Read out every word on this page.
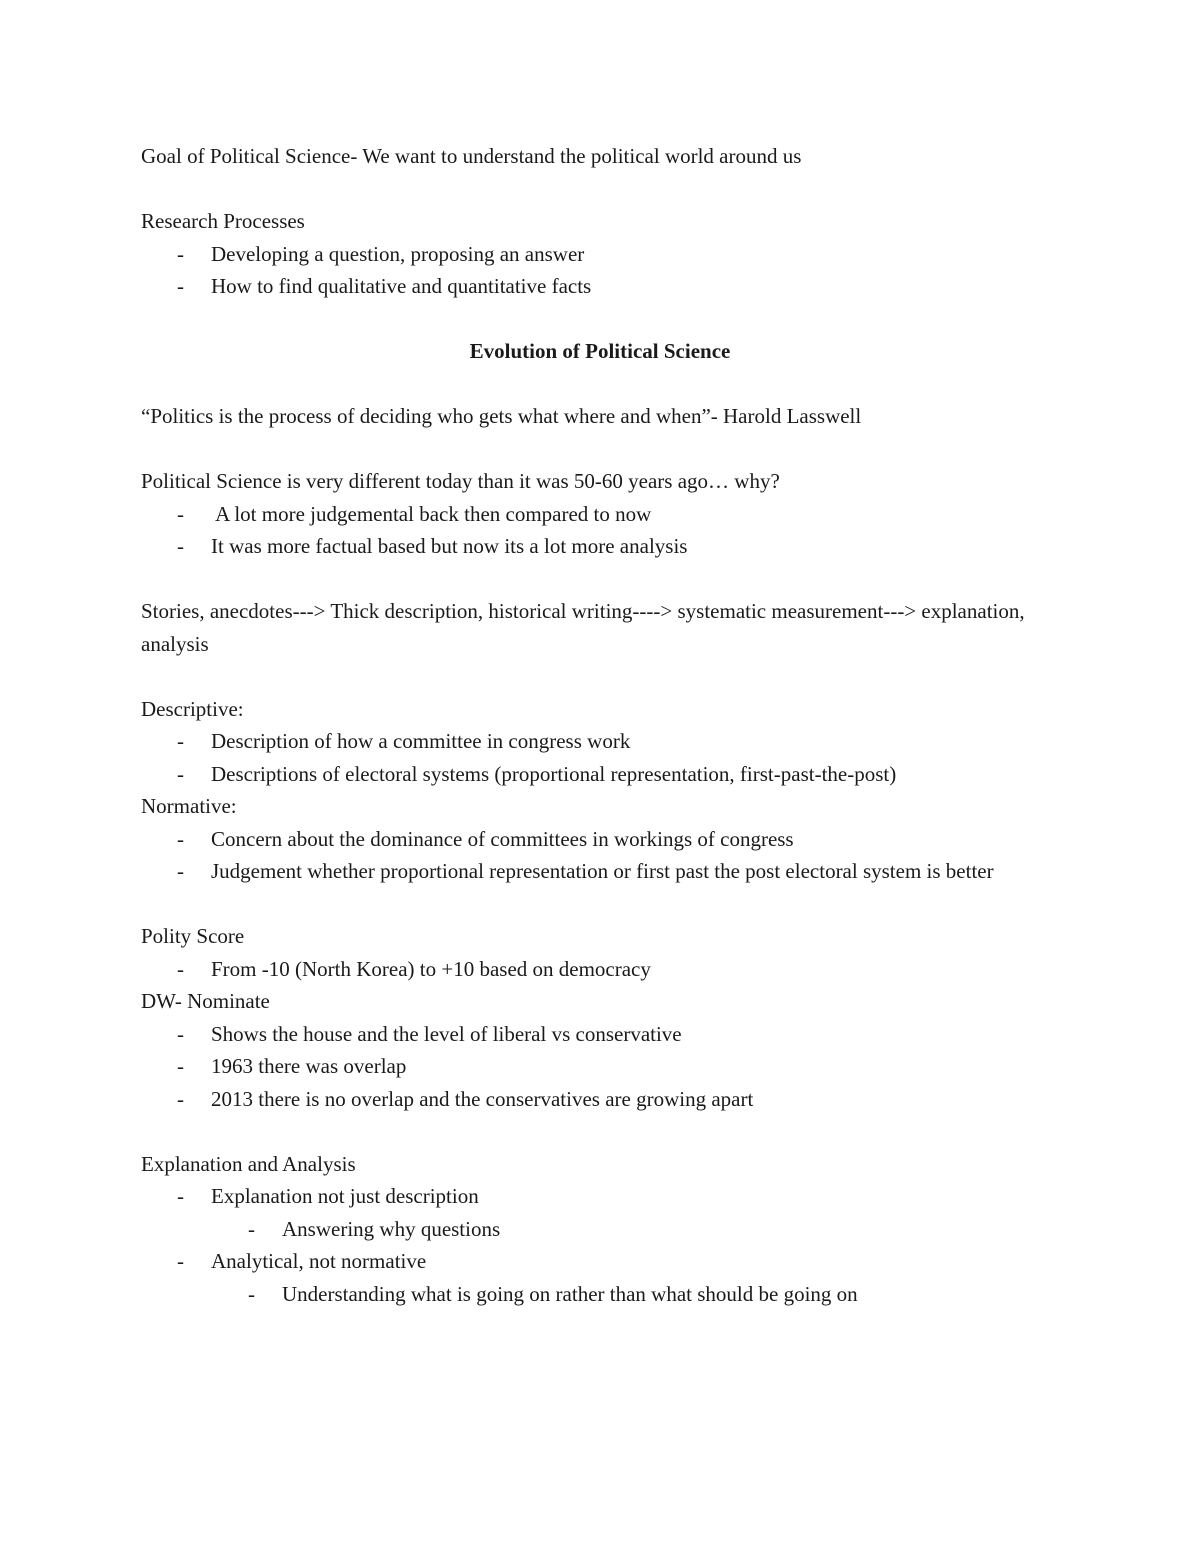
Goal of Political Science- We want to understand the political world around us
Research Processes
- Developing a question, proposing an answer
- How to find qualitative and quantitative facts
Evolution of Political Science
“Politics is the process of deciding who gets what where and when”- Harold Lasswell
Political Science is very different today than it was 50-60 years ago… why?
- A lot more judgemental back then compared to now
- It was more factual based but now its a lot more analysis
Stories, anecdotes---> Thick description, historical writing----> systematic measurement---> explanation, analysis
Descriptive:
- Description of how a committee in congress work
- Descriptions of electoral systems (proportional representation, first-past-the-post)
Normative:
- Concern about the dominance of committees in workings of congress
- Judgement whether proportional representation or first past the post electoral system is better
Polity Score
- From -10 (North Korea) to +10 based on democracy
DW- Nominate
- Shows the house and the level of liberal vs conservative
- 1963 there was overlap
- 2013 there is no overlap and the conservatives are growing apart
Explanation and Analysis
- Explanation not just description
- Answering why questions
- Analytical, not normative
- Understanding what is going on rather than what should be going on
